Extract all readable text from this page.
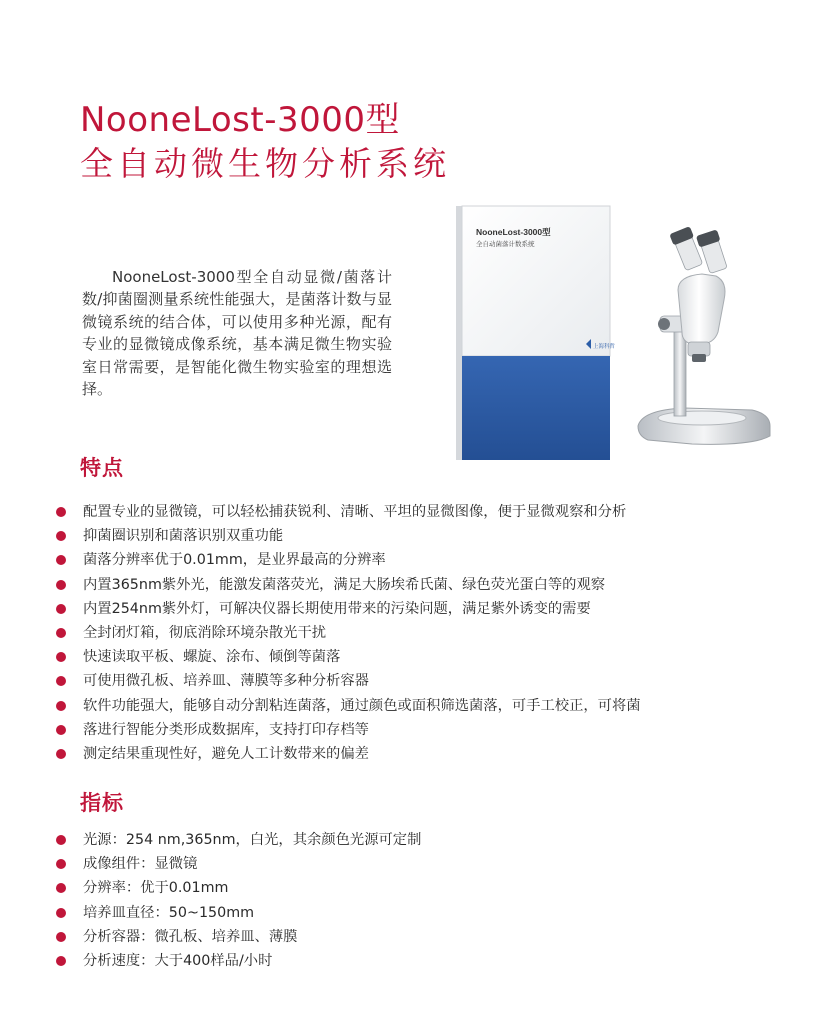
NooneLost-3000型
全自动微生物分析系统

NooneLost-3000型全自动显微/菌落计数/抑菌圈测量系统性能强大，是菌落计数与显微镜系统的结合体，可以使用多种光源，配有专业的显微镜成像系统，基本满足微生物实验室日常需要，是智能化微生物实验室的理想选择。

NooneLost-3000型
全自动菌落计数系统
上海科哲
特点
配置专业的显微镜，可以轻松捕获锐利、清晰、平坦的显微图像，便于显微观察和分析
抑菌圈识别和菌落识别双重功能
菌落分辨率优于0.01mm，是业界最高的分辨率
内置365nm紫外光，能激发菌落荧光，满足大肠埃希氏菌、绿色荧光蛋白等的观察
内置254nm紫外灯，可解决仪器长期使用带来的污染问题，满足紫外诱变的需要
全封闭灯箱，彻底消除环境杂散光干扰
快速读取平板、螺旋、涂布、倾倒等菌落
可使用微孔板、培养皿、薄膜等多种分析容器
软件功能强大，能够自动分割粘连菌落，通过颜色或面积筛选菌落，可手工校正，可将菌
落进行智能分类形成数据库，支持打印存档等
测定结果重现性好，避免人工计数带来的偏差
指标
光源：254 nm,365nm，白光，其余颜色光源可定制
成像组件：显微镜
分辨率：优于0.01mm
培养皿直径：50~150mm
分析容器：微孔板、培养皿、薄膜
分析速度：大于400样品/小时
